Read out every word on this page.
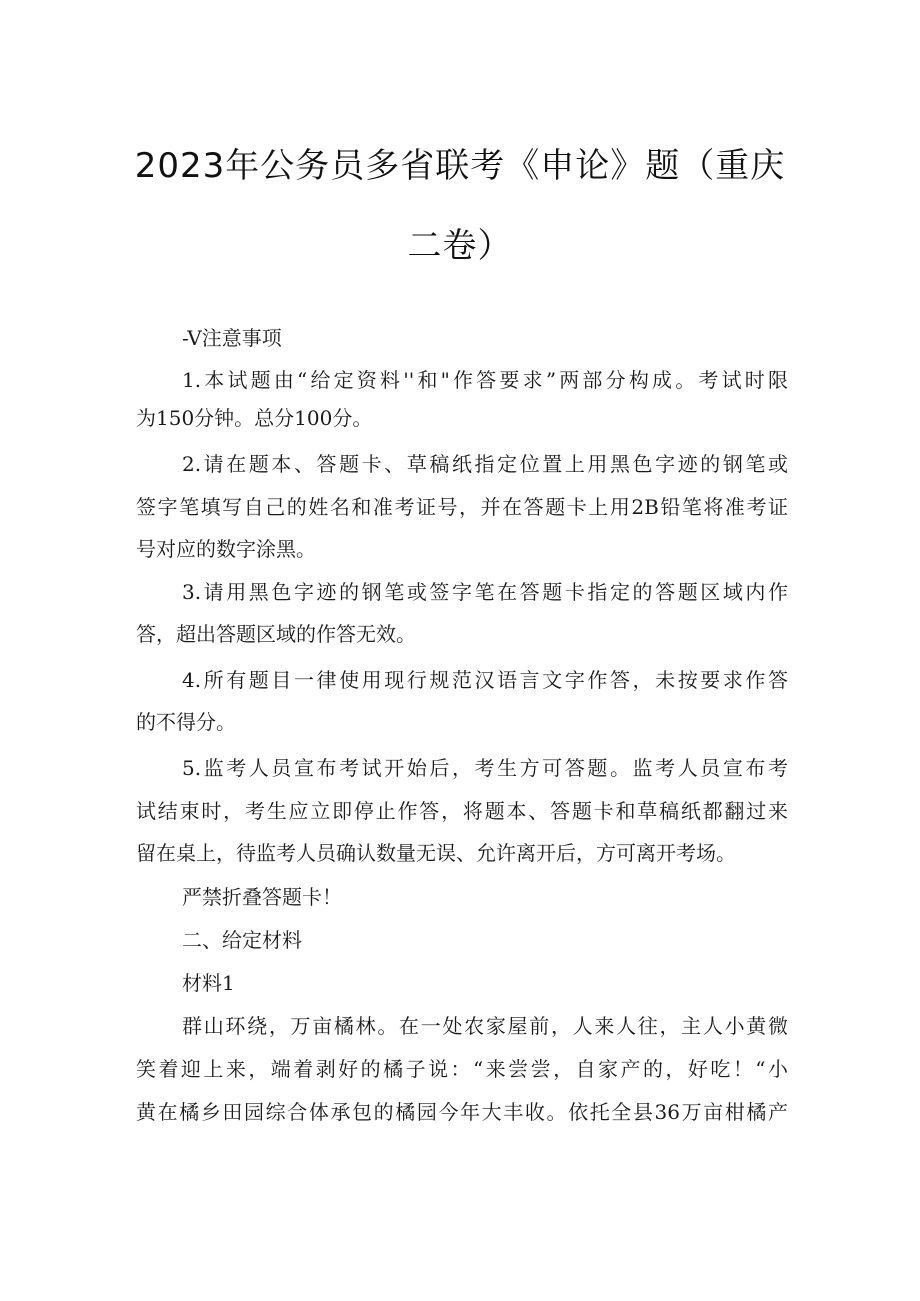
2023年公务员多省联考《申论》题（重庆
二卷）
-V注意事项
1.本试题由“给定资料''和"作答要求”两部分构成。考试时限
为150分钟。总分100分。
2.请在题本、答题卡、草稿纸指定位置上用黑色字迹的钢笔或
签字笔填写自己的姓名和准考证号，并在答题卡上用2B铅笔将准考证
号对应的数字涂黑。
3.请用黑色字迹的钢笔或签字笔在答题卡指定的答题区域内作
答，超出答题区域的作答无效。
4.所有题目一律使用现行规范汉语言文字作答，未按要求作答
的不得分。
5.监考人员宣布考试开始后，考生方可答题。监考人员宣布考
试结束时，考生应立即停止作答，将题本、答题卡和草稿纸都翻过来
留在桌上，待监考人员确认数量无误、允许离开后，方可离开考场。
严禁折叠答题卡！
二、给定材料
材料1
群山环绕，万亩橘林。在一处农家屋前，人来人往，主人小黄微
笑着迎上来，端着剥好的橘子说：“来尝尝，自家产的，好吃！“小
黄在橘乡田园综合体承包的橘园今年大丰收。依托全县36万亩柑橘产
